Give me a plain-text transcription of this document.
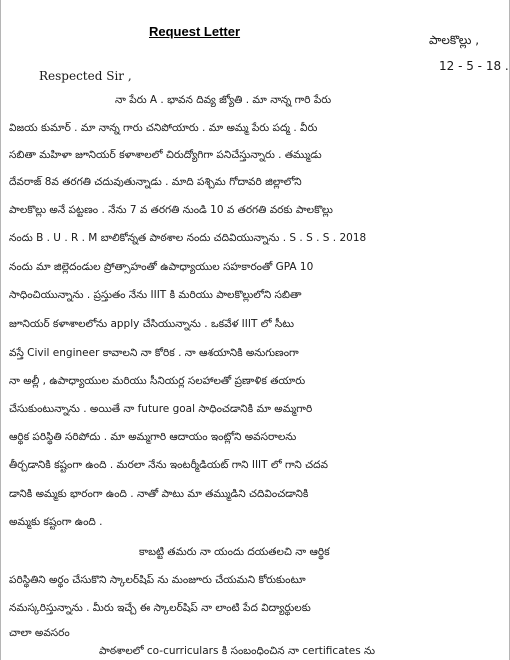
Request Letter
పాలకొల్లు ,
12 - 5 - 18 .
Respected Sir ,
నా పేరు A . భావన దివ్య జ్యోతి . మా నాన్న గారి పేరు
విజయ కుమార్ . మా నాన్న గారు చనిపోయారు . మా అమ్మ పేరు పద్మ . వీరు
సబితా మహిళా జూనియర్ కళాశాలలో చిరుద్యోగిగా పనిచేస్తున్నారు . తమ్ముడు
దేవరాజ్ 8వ తరగతి చదువుతున్నాడు . మాది పశ్చిమ గోదావరి జిల్లాలోని
పాలకొల్లు అనే పట్టణం . నేను 7 వ తరగతి నుండి 10 వ తరగతి వరకు పాలకొల్లు
నందు B . U . R . M బాలికోన్నత పాఠశాల నందు చదివియున్నాను . S . S . S . 2018
నందు మా జిల్లెదండుల ప్రోత్సాహంతో ఉపాధ్యాయుల సహకారంతో GPA 10
సాధించియున్నాను . ప్రస్తుతం నేను IIIT కి మరియు పాలకొల్లులోని సబితా
జూనియర్ కళాశాలలోను apply చేసియున్నాను . ఒకవేళ IIIT లో సీటు
వస్తే Civil engineer కావాలని నా కోరిక . నా ఆశయానికి అనుగుణంగా
నా అల్లీ , ఉపాధ్యాయుల మరియు సీనియర్ల సలహాలతో ప్రణాళిక తయారు
చేసుకుంటున్నాను . అయితే నా future goal సాధించడానికి మా అమ్మగారి
ఆర్థిక పరిస్థితి సరిపోదు . మా అమ్మగారి ఆదాయం ఇంట్లోని అవసరాలను
తీర్చడానికి కష్టంగా ఉంది . మరలా నేను ఇంటర్మీడియట్ గాని IIIT లో గాని చదవ
డానికి అమ్మకు భారంగా ఉంది . నాతో పాటు మా తమ్ముడిని చదివించడానికి
అమ్మకు కష్టంగా ఉంది .
కాబట్టి తమరు నా యందు దయతలచి నా ఆర్థిక
పరిస్థితిని అర్థం చేసుకొని స్కాలర్‌షిప్ ను మంజూరు చేయమని కోరుకుంటూ
నమస్కరిస్తున్నాను . మీరు ఇచ్చే ఈ స్కాలర్‌షిప్ నా లాంటి పేద విద్యార్థులకు
చాలా అవసరం
పాఠశాలలో co-curriculars కి సంబంధించిన నా certificates ను
